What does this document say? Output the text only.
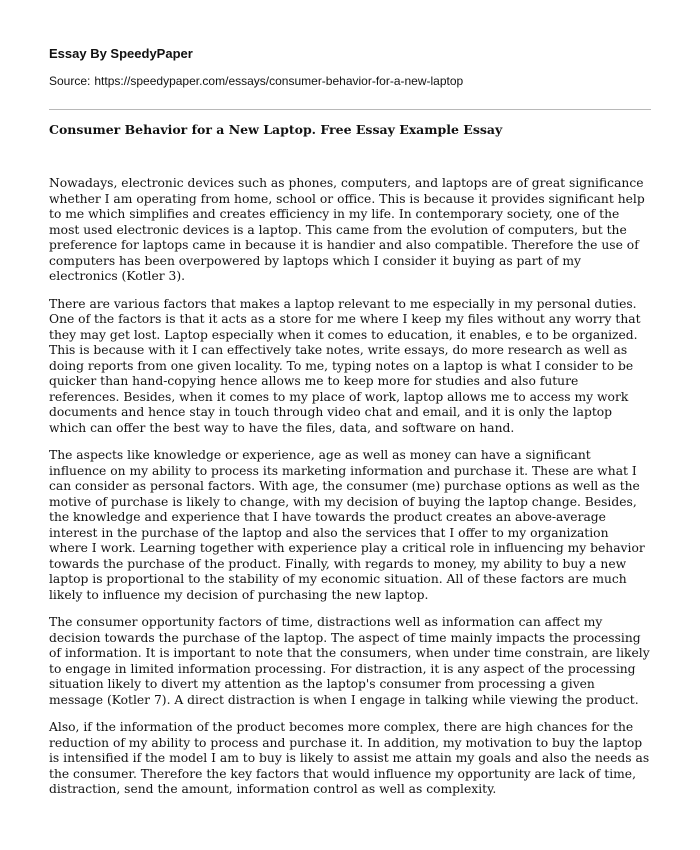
Essay By SpeedyPaper
Source: https://speedypaper.com/essays/consumer-behavior-for-a-new-laptop
Consumer Behavior for a New Laptop. Free Essay Example Essay

Nowadays, electronic devices such as phones, computers, and laptops are of great significance whether I am operating from home, school or office. This is because it provides significant help to me which simplifies and creates efficiency in my life. In contemporary society, one of the most used electronic devices is a laptop. This came from the evolution of computers, but the preference for laptops came in because it is handier and also compatible. Therefore the use of computers has been overpowered by laptops which I consider it buying as part of my electronics (Kotler 3).

There are various factors that makes a laptop relevant to me especially in my personal duties. One of the factors is that it acts as a store for me where I keep my files without any worry that they may get lost. Laptop especially when it comes to education, it enables, e to be organized. This is because with it I can effectively take notes, write essays, do more research as well as doing reports from one given locality. To me, typing notes on a laptop is what I consider to be quicker than hand-copying hence allows me to keep more for studies and also future references. Besides, when it comes to my place of work, laptop allows me to access my work documents and hence stay in touch through video chat and email, and it is only the laptop which can offer the best way to have the files, data, and software on hand.

The aspects like knowledge or experience, age as well as money can have a significant influence on my ability to process its marketing information and purchase it. These are what I can consider as personal factors. With age, the consumer (me) purchase options as well as the motive of purchase is likely to change, with my decision of buying the laptop change. Besides, the knowledge and experience that I have towards the product creates an above-average interest in the purchase of the laptop and also the services that I offer to my organization where I work. Learning together with experience play a critical role in influencing my behavior towards the purchase of the product. Finally, with regards to money, my ability to buy a new laptop is proportional to the stability of my economic situation. All of these factors are much likely to influence my decision of purchasing the new laptop.

The consumer opportunity factors of time, distractions well as information can affect my decision towards the purchase of the laptop. The aspect of time mainly impacts the processing of information. It is important to note that the consumers, when under time constrain, are likely to engage in limited information processing. For distraction, it is any aspect of the processing situation likely to divert my attention as the laptop's consumer from processing a given message (Kotler 7). A direct distraction is when I engage in talking while viewing the product.

Also, if the information of the product becomes more complex, there are high chances for the reduction of my ability to process and purchase it. In addition, my motivation to buy the laptop is intensified if the model I am to buy is likely to assist me attain my goals and also the needs as the consumer. Therefore the key factors that would influence my opportunity are lack of time, distraction, send the amount, information control as well as complexity.
